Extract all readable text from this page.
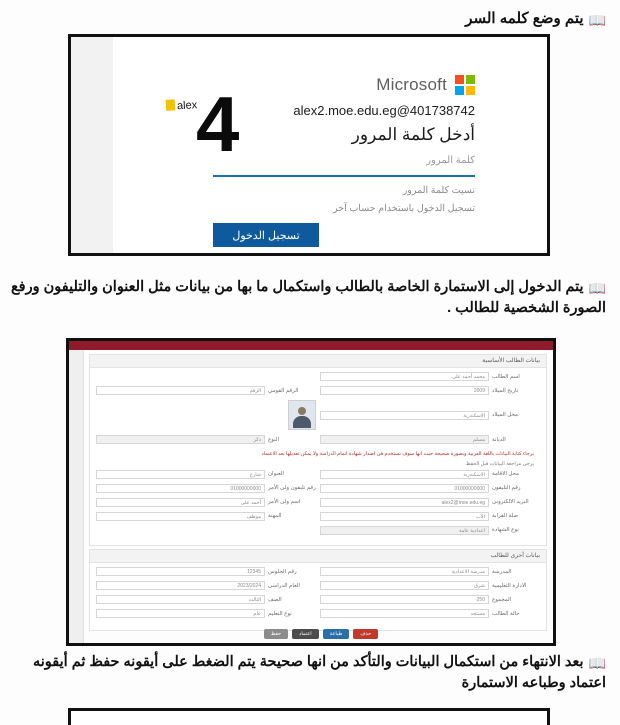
📖يتم وضع كلمه السر
Microsoft
alex2.moe.edu.eg@401738742
أدخل كلمة المرور
كلمة المرور
نسيت كلمة المرور
تسجيل الدخول باستخدام حساب آخر
تسجيل الدخول
alex
4
📖يتم الدخول إلى الاستمارة الخاصة بالطالب واستكمال ما بها من بيانات مثل العنوان والتليفون ورفع الصورة الشخصية للطالب .
بيانات الطالب الأساسية
اسم الطالب
محمد أحمد على
تاريخ الميلاد
2009
الرقم القومي
الرقم
محل الميلاد
الاسكندرية
الديانة
مسلم
النوع
ذكر
برجاء كتابة البيانات باللغة العربية وبصورة صحيحة حيث انها سوف تستخدم فى اصدار شهادة اتمام الدراسة ولا يمكن تعديلها بعد الاعتماد
يرجى مراجعة البيانات قبل الحفظ
محل الاقامة
الاسكندرية
العنوان
شارع
رقم التليفون
01000000000
رقم تليفون ولى الأمر
01000000000
البريد الالكترونى
alex2@moe.edu.eg
اسم ولى الأمر
أحمد على
صلة القرابة
الأب
المهنة
موظف
نوع الشهادة
اعدادية عامة
بيانات أخرى للطالب
المدرسة
مدرسة الاعدادية
رقم الجلوس
12345
الادارة التعليمية
شرق
العام الدراسى
2023/2024
المجموع
250
الصف
الثالث
حالة الطالب
مستجد
نوع التعليم
عام
حذف
طباعة
اعتماد
حفظ
📖بعد الانتهاء من استكمال البيانات والتأكد من انها صحيحة يتم الضغط على أيقونه حفظ ثم أيقونه اعتماد وطباعه الاستمارة
